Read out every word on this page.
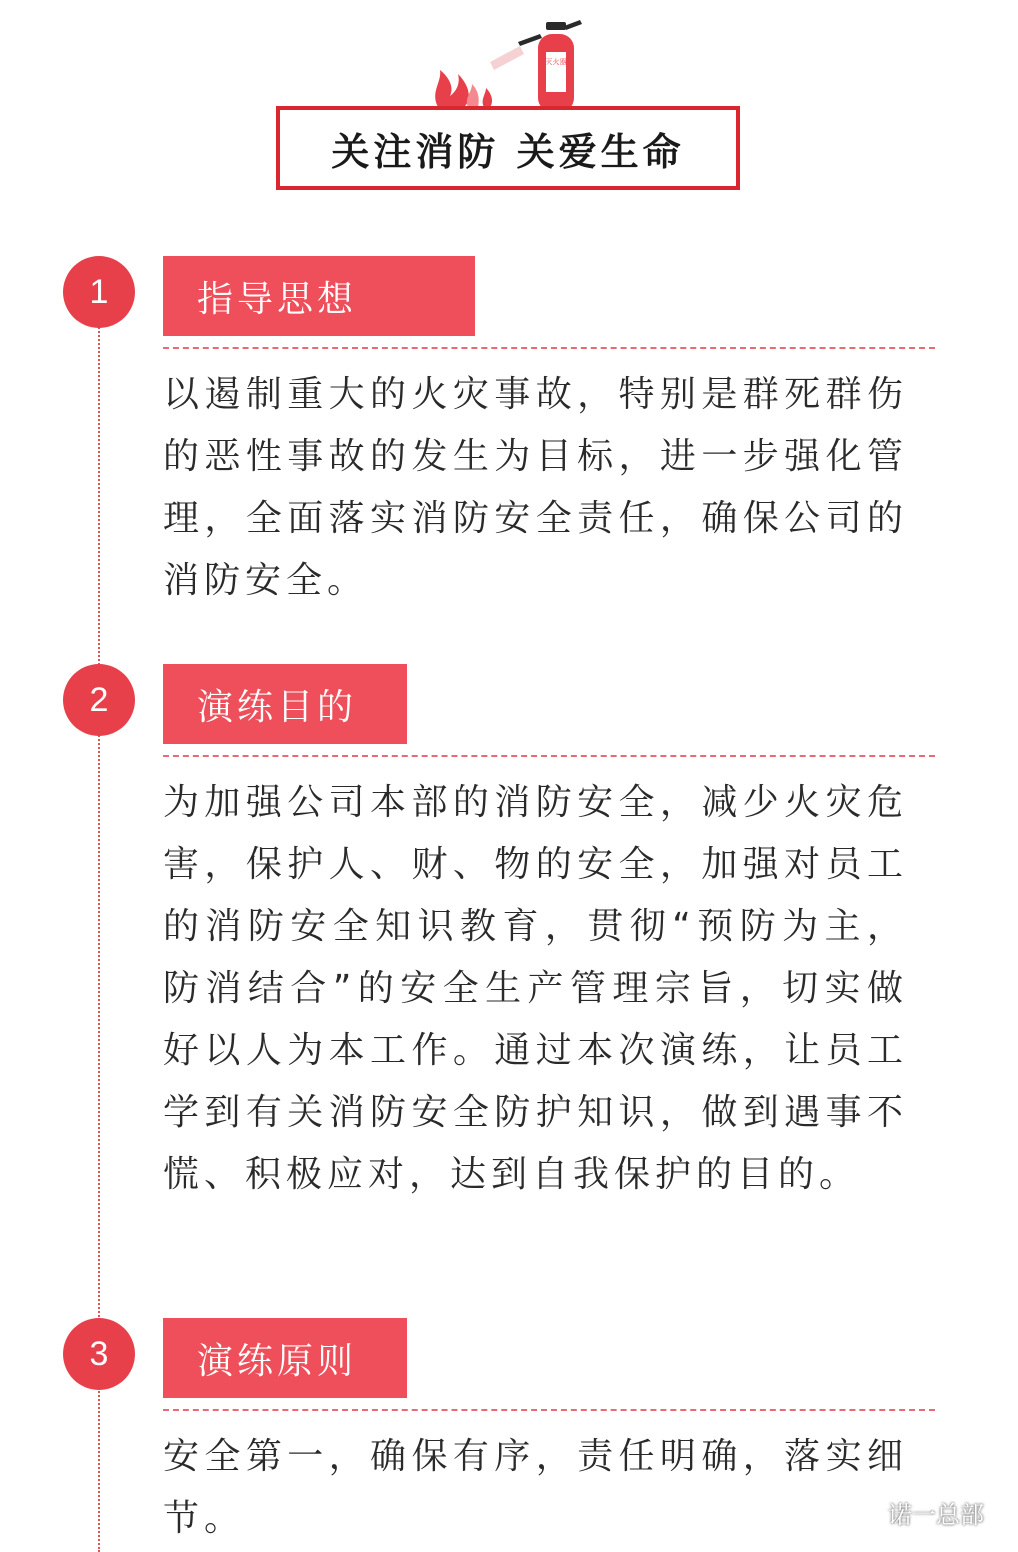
灭火器
关注消防 关爱生命
1	指导思想
以遏制重大的火灾事故，特别是群死群伤的恶性事故的发生为目标，进一步强化管理，全面落实消防安全责任，确保公司的消防安全。
2	演练目的
为加强公司本部的消防安全，减少火灾危害，保护人、财、物的安全，加强对员工的消防安全知识教育，贯彻“预防为主，防消结合”的安全生产管理宗旨，切实做好以人为本工作。通过本次演练，让员工学到有关消防安全防护知识，做到遇事不慌、积极应对，达到自我保护的目的。
3	演练原则
安全第一，确保有序，责任明确，落实细节。	诺一总部
